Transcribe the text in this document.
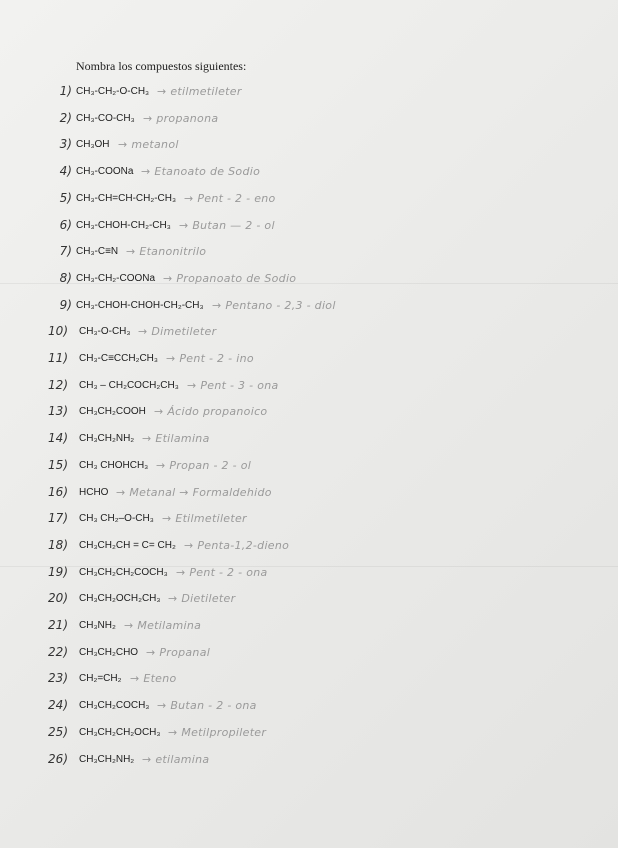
Nombra los compuestos siguientes:
1) CH₃-CH₂-O-CH₃ → etilmetileter
2) CH₃-CO-CH₃ → propanona
3) CH₃OH → metanol
4) CH₃-COONa → Etanoato de Sodio
5) CH₃-CH=CH-CH₂-CH₃ → Pent - 2 - eno
6) CH₃-CHOH-CH₂-CH₃ → Butan — 2 - ol
7) CH₃-C≡N → Etanonitrilo
8) CH₃-CH₂-COONa → Propanoato de Sodio
9) CH₃-CHOH-CHOH-CH₂-CH₃ → Pentano - 2,3 - diol
10) CH₃-O-CH₃ → Dimetileter
11) CH₃-C≡CCH₂CH₃ → Pent - 2 - ino
12) CH₃ – CH₂COCH₂CH₃ → Pent - 3 - ona
13) CH₃CH₂COOH → Ácido propanoico
14) CH₃CH₂NH₂ → Etilamina
15) CH₃ CHOHCH₃ → Propan - 2 - ol
16) HCHO → Metanal → Formaldehido
17) CH₃ CH₂–O-CH₃ → Etilmetileter
18) CH₃CH₂CH = C= CH₂ → Penta-1,2-dieno
19) CH₃CH₂CH₂COCH₃ → Pent - 2 - ona
20) CH₃CH₂OCH₂CH₃ → Dietileter
21) CH₃NH₂ → Metilamina
22) CH₃CH₂CHO → Propanal
23) CH₂=CH₂ → Eteno
24) CH₃CH₂COCH₃ → Butan - 2 - ona
25) CH₃CH₂CH₂OCH₃ → Metilpropileter
26) CH₃CH₂NH₂ → etilamina
